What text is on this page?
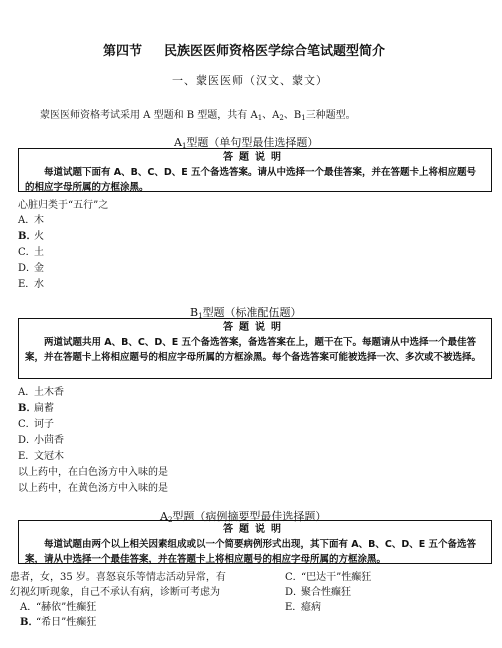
第四节 民族医医师资格医学综合笔试题型简介
一、蒙医医师（汉文、蒙文）
蒙医医师资格考试采用 A 型题和 B 型题，共有 $A_1$、$A_2$、$B_1$三种题型。
$A_1$型题（单句型最佳选择题）
答题说明
每道试题下面有 A、B、C、D、E 五个备选答案。请从中选择一个最佳答案，并在答题卡上将相应题号的相应字母所属的方框涂黑。
心脏归类于“五行”之
A．木
B．火
C．土
D．金
E．水
$B_1$型题（标准配伍题）
答题说明
两道试题共用 A、B、C、D、E 五个备选答案，备选答案在上，题干在下。每题请从中选择一个最佳答案，并在答题卡上将相应题号的相应字母所属的方框涂黑。每个备选答案可能被选择一次、多次或不被选择。
A．土木香
B．扁蓄
C．诃子
D．小茴香
E．文冠木
以上药中，在白色汤方中入味的是
以上药中，在黄色汤方中入味的是
$A_2$型题（病例摘要型最佳选择题）
答题说明
每道试题由两个以上相关因素组成或以一个简要病例形式出现，其下面有 A、B、C、D、E 五个备选答案，请从中选择一个最佳答案，并在答题卡上将相应题号的相应字母所属的方框涂黑。
患者，女，35 岁。喜怒哀乐等情志活动异常，有
幻视幻听现象，自己不承认有病，诊断可考虑为
A．“赫依”性癫狂
B．“希日”性癫狂
C．“巴达干”性癫狂
D．聚合性癫狂
E．癔病
